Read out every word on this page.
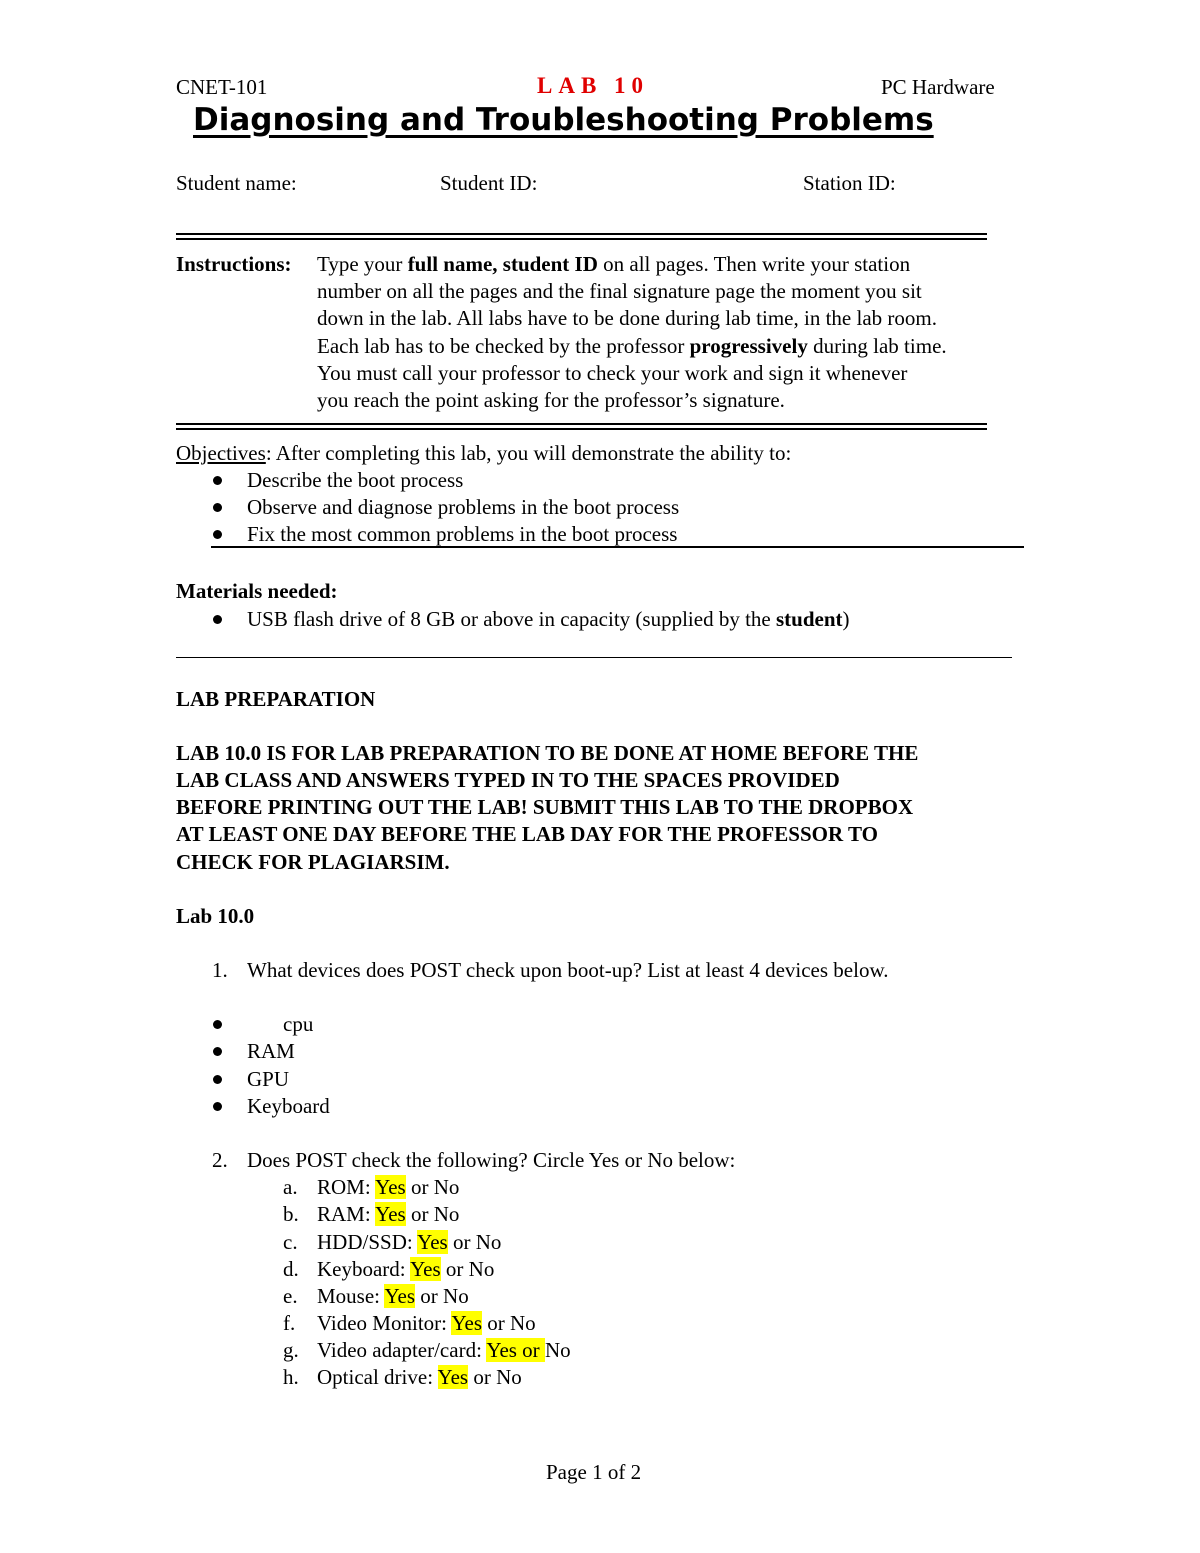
CNET-101	LAB 10	PC Hardware
Diagnosing and Troubleshooting Problems
Student name:	Student ID:	Station ID:
Instructions: Type your full name, student ID on all pages. Then write your station
number on all the pages and the final signature page the moment you sit
down in the lab. All labs have to be done during lab time, in the lab room.
Each lab has to be checked by the professor progressively during lab time.
You must call your professor to check your work and sign it whenever
you reach the point asking for the professor’s signature.
Objectives: After completing this lab, you will demonstrate the ability to:
Describe the boot process
Observe and diagnose problems in the boot process
Fix the most common problems in the boot process
Materials needed:
USB flash drive of 8 GB or above in capacity (supplied by the student)
LAB PREPARATION
LAB 10.0 IS FOR LAB PREPARATION TO BE DONE AT HOME BEFORE THE
LAB CLASS AND ANSWERS TYPED IN TO THE SPACES PROVIDED
BEFORE PRINTING OUT THE LAB! SUBMIT THIS LAB TO THE DROPBOX
AT LEAST ONE DAY BEFORE THE LAB DAY FOR THE PROFESSOR TO
CHECK FOR PLAGIARSIM.
Lab 10.0
1. What devices does POST check upon boot-up? List at least 4 devices below.
cpu
RAM
GPU
Keyboard
2. Does POST check the following? Circle Yes or No below:
a. ROM: Yes or No
b. RAM: Yes or No
c. HDD/SSD: Yes or No
d. Keyboard: Yes or No
e. Mouse: Yes or No
f. Video Monitor: Yes or No
g. Video adapter/card: Yes or No
h. Optical drive: Yes or No
Page 1 of 2
